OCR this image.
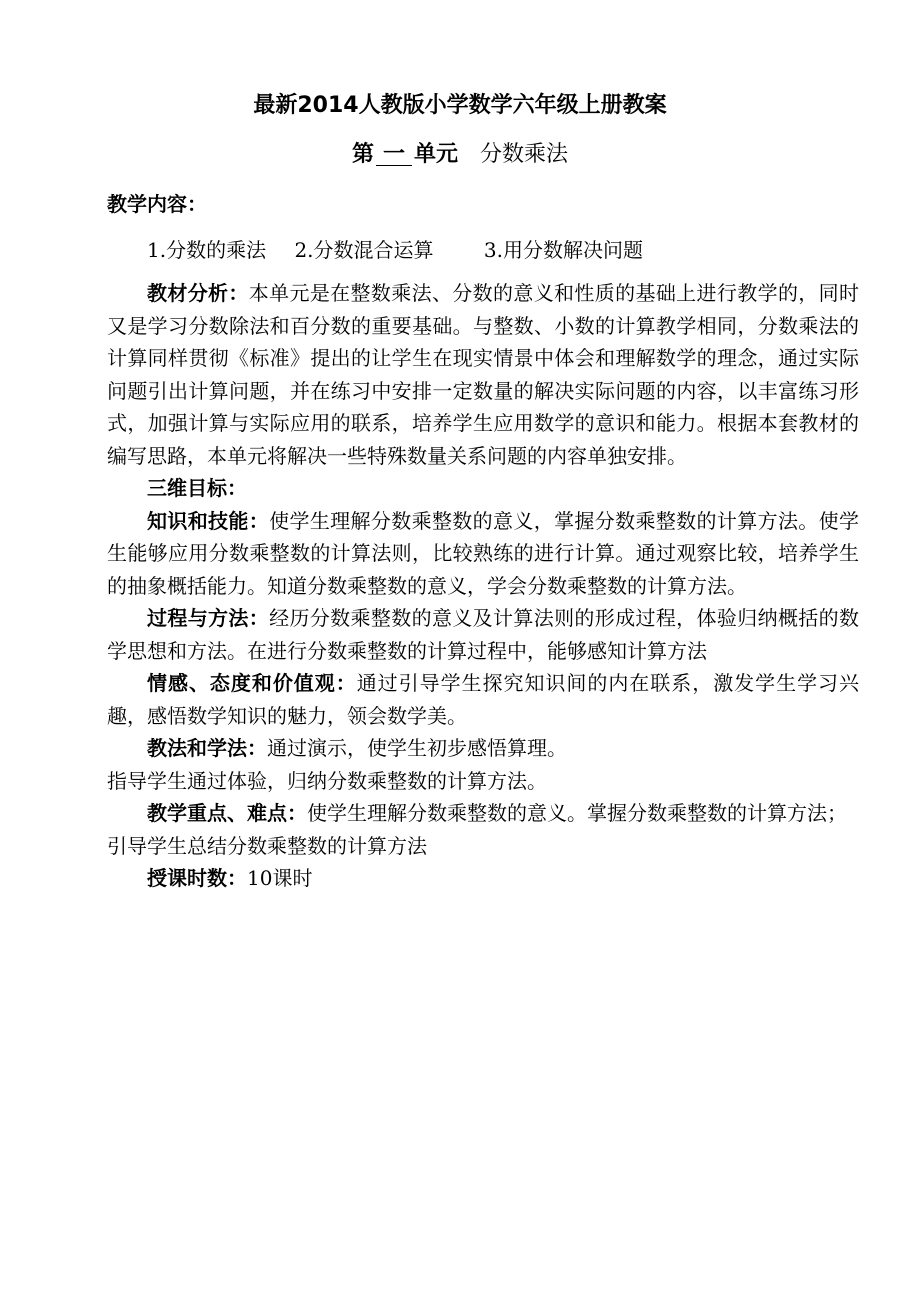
最新2014人教版小学数学六年级上册教案
第 一 单元 分数乘法
教学内容：
1.分数的乘法 2.分数混合运算	3.用分数解决问题

教材分析：本单元是在整数乘法、分数的意义和性质的基础上进行教学的，同时又是学习分数除法和百分数的重要基础。与整数、小数的计算教学相同，分数乘法的计算同样贯彻《标准》提出的让学生在现实情景中体会和理解数学的理念，通过实际问题引出计算问题，并在练习中安排一定数量的解决实际问题的内容，以丰富练习形式，加强计算与实际应用的联系，培养学生应用数学的意识和能力。根据本套教材的编写思路，本单元将解决一些特殊数量关系问题的内容单独安排。

三维目标：

知识和技能：使学生理解分数乘整数的意义，掌握分数乘整数的计算方法。使学生能够应用分数乘整数的计算法则，比较熟练的进行计算。通过观察比较，培养学生的抽象概括能力。知道分数乘整数的意义，学会分数乘整数的计算方法。

过程与方法：经历分数乘整数的意义及计算法则的形成过程，体验归纳概括的数学思想和方法。在进行分数乘整数的计算过程中，能够感知计算方法

情感、态度和价值观：通过引导学生探究知识间的内在联系，激发学生学习兴趣，感悟数学知识的魅力，领会数学美。

教法和学法：通过演示，使学生初步感悟算理。

指导学生通过体验，归纳分数乘整数的计算方法。

教学重点、难点：使学生理解分数乘整数的意义。掌握分数乘整数的计算方法；

引导学生总结分数乘整数的计算方法

授课时数：10课时
